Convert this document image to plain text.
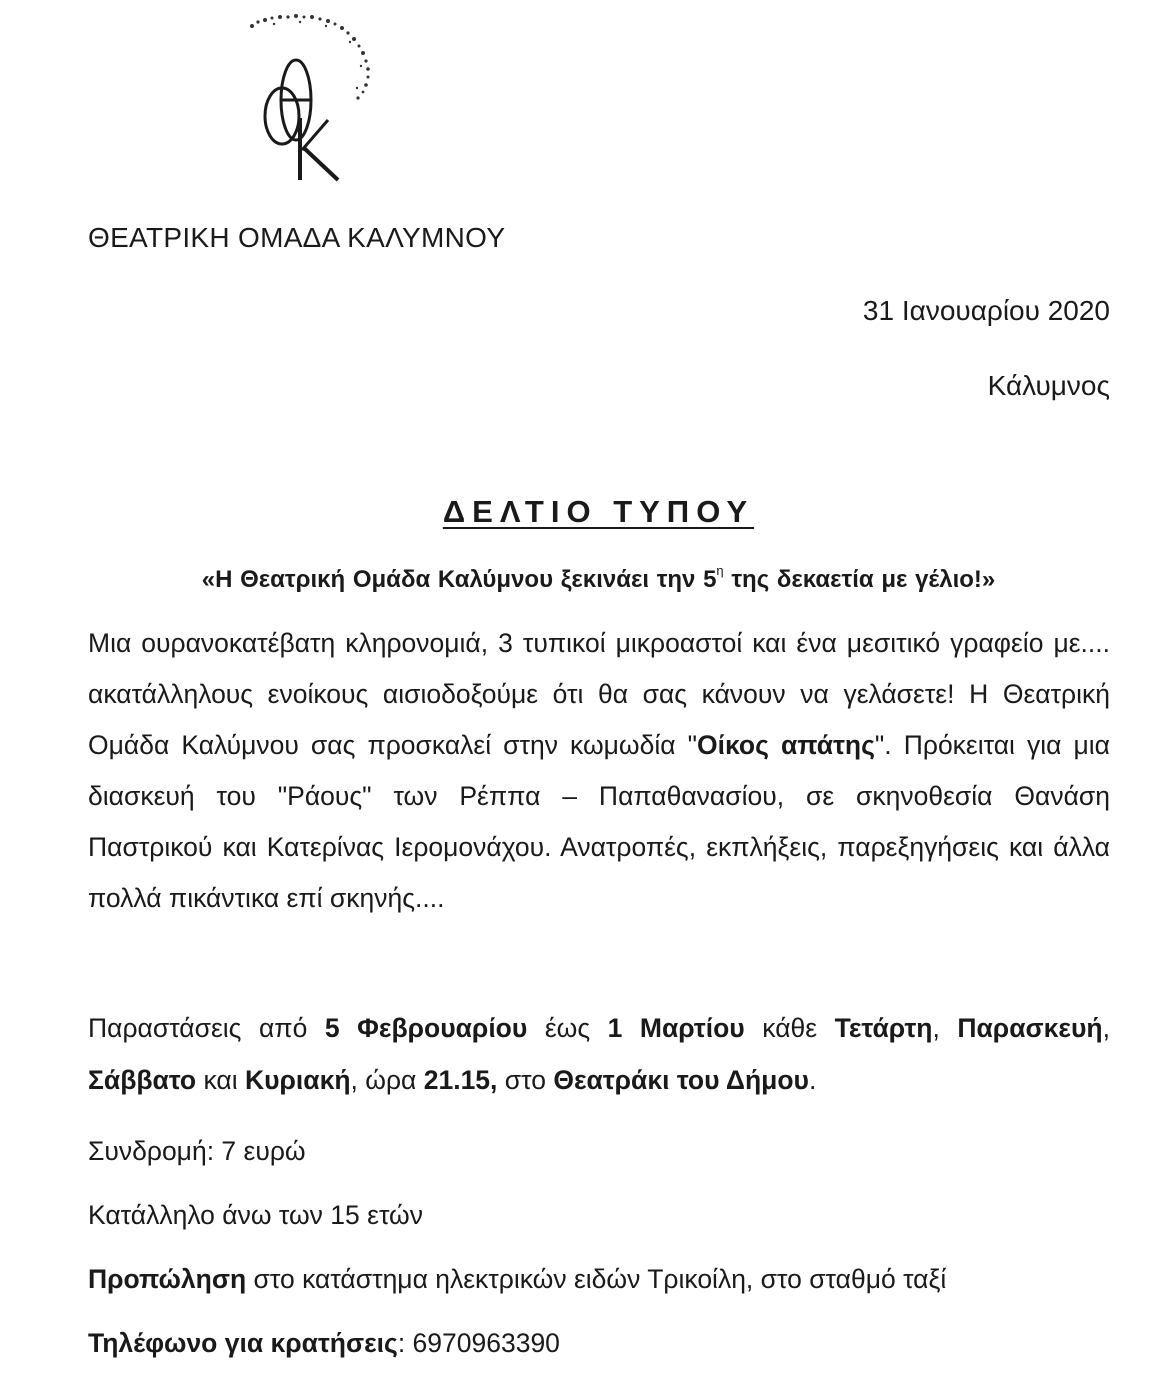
ΘΕΑΤΡΙΚΗ ΟΜΑΔΑ ΚΑΛΥΜΝΟΥ
31 Ιανουαρίου 2020
Κάλυμνος
ΔΕΛΤΙΟ ΤΥΠΟΥ
«Η Θεατρική Ομάδα Καλύμνου ξεκινάει την $5^\eta$ της δεκαετία με γέλιο!»
Μια ουρανοκατέβατη κληρονομιά, 3 τυπικοί μικροαστοί και ένα μεσιτικό γραφείο με.... ακατάλληλους ενοίκους αισιοδοξούμε ότι θα σας κάνουν να γελάσετε! Η Θεατρική Ομάδα Καλύμνου σας προσκαλεί στην κωμωδία "Οίκος απάτης". Πρόκειται για μια διασκευή του "Ράους" των Ρέππα – Παπαθανασίου, σε σκηνοθεσία Θανάση Παστρικού και Κατερίνας Ιερομονάχου. Ανατροπές, εκπλήξεις, παρεξηγήσεις και άλλα πολλά πικάντικα επί σκηνής....
Παραστάσεις από 5 Φεβρουαρίου έως 1 Μαρτίου κάθε Τετάρτη, Παρασκευή, Σάββατο και Κυριακή, ώρα 21.15, στο Θεατράκι του Δήμου.
Συνδρομή: 7 ευρώ
Κατάλληλο άνω των 15 ετών
Προπώληση στο κατάστημα ηλεκτρικών ειδών Τρικοίλη, στο σταθμό ταξί
Τηλέφωνο για κρατήσεις: 6970963390
